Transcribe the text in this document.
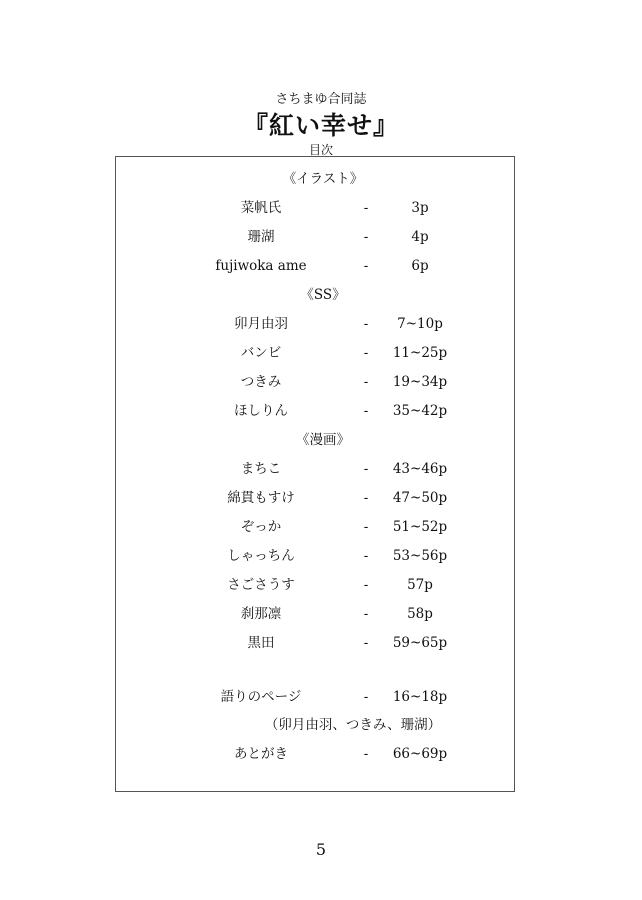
さちまゆ合同誌
『紅い幸せ』
目次
《イラスト》
菜帆氏	-	3p
珊湖	-	4p
fujiwoka ame	-	6p
《SS》
卯月由羽	-	7~10p
バンビ	-	11~25p
つきみ	-	19~34p
ほしりん	-	35~42p
《漫画》
まちこ	-	43~46p
綿貫もすけ	-	47~50p
ぞっか	-	51~52p
しゃっちん	-	53~56p
さごさうす	-	57p
刹那凛	-	58p
黒田	-	59~65p
語りのページ	-	16~18p
（卯月由羽、つきみ、珊湖）
あとがき	-	66~69p
5
